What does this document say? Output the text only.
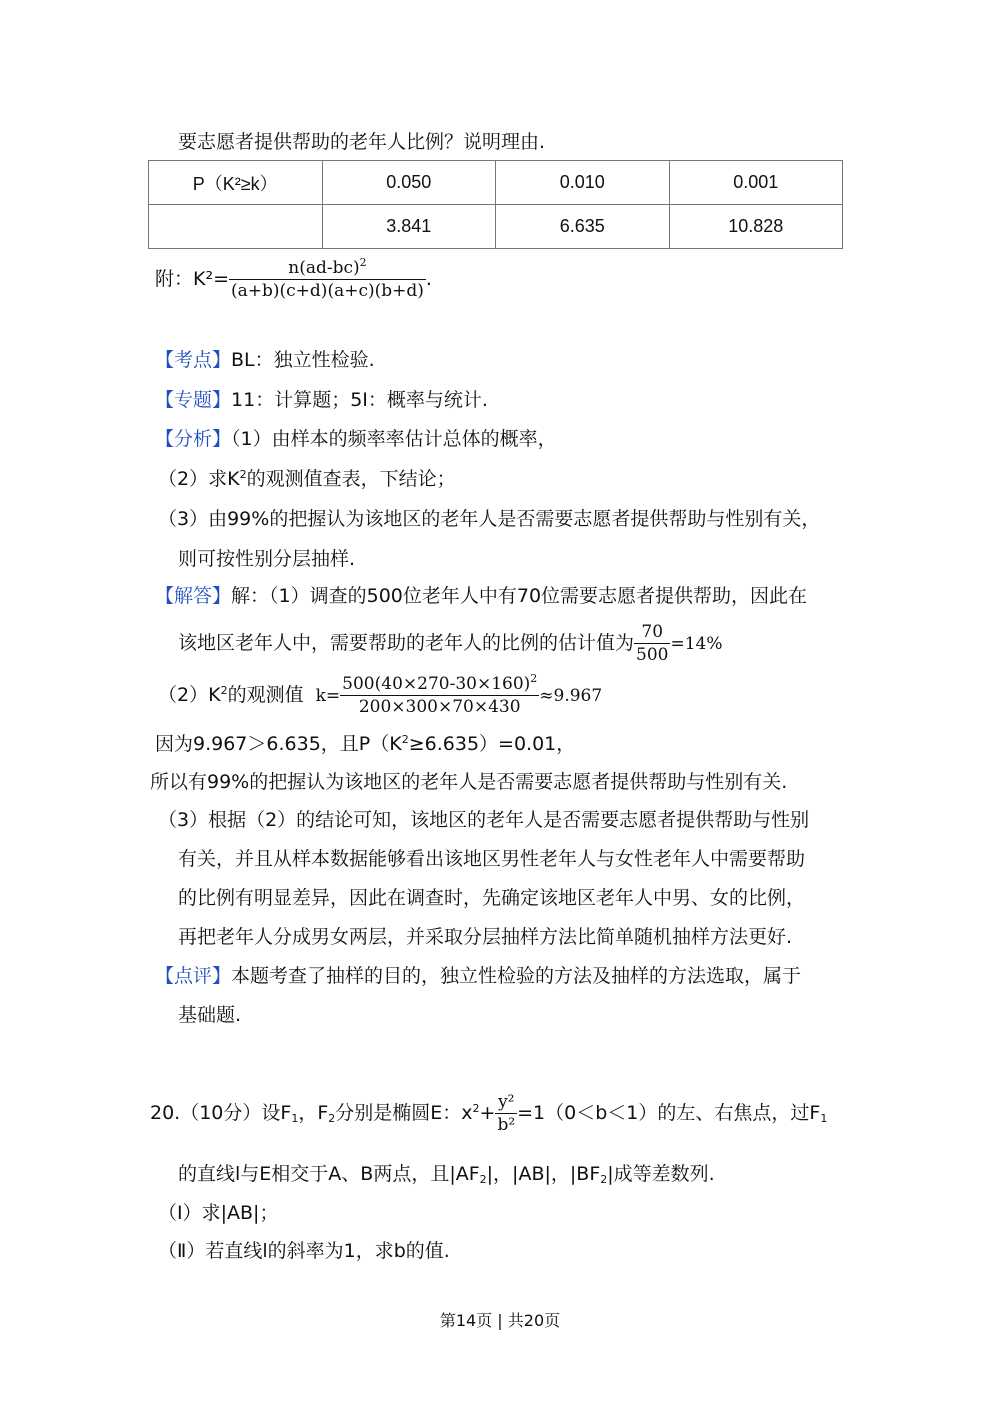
要志愿者提供帮助的老年人比例？说明理由.
P（K²≥k）	0.050	0.010	0.001
	3.841	6.635	10.828
附：$K^2= \frac{n(ad-bc)^2}{(a+b)(c+d)(a+c)(b+d)}$ .
【考点】BL：独立性检验.
【专题】11：计算题；5I：概率与统计.
【分析】（1）由样本的频率率估计总体的概率，
（2）求$K^2$的观测值查表，下结论；
（3）由99%的把握认为该地区的老年人是否需要志愿者提供帮助与性别有关，
则可按性别分层抽样.
【解答】解：（1）调查的500位老年人中有70位需要志愿者提供帮助，因此在
该地区老年人中，需要帮助的老年人的比例的估计值为 $\frac{70}{500} =14\%$
$(2)K^2$的观测值 $k= \frac{500(40\times 270-30\times 160)^2}{200\times 300\times 70\times 430} \approx 9.967$
因为9.967＞6.635，且$P(K^2\ge 6.635)=0.01$，
所以有99%的把握认为该地区的老年人是否需要志愿者提供帮助与性别有关.
（3）根据（2）的结论可知，该地区的老年人是否需要志愿者提供帮助与性别
有关，并且从样本数据能够看出该地区男性老年人与女性老年人中需要帮助
的比例有明显差异，因此在调查时，先确定该地区老年人中男、女的比例，
再把老年人分成男女两层，并采取分层抽样方法比简单随机抽样方法更好.
【点评】本题考查了抽样的目的，独立性检验的方法及抽样的方法选取，属于
基础题.
20.（10分）设$F_1$，$F_2$分别是椭圆E：$x^2+ \frac{\text{y²}}{\text{b²}} =1(0<b<1)$的左、右焦点，过$F_1$
的直线l与E相交于A、B两点，且$|AF_2|$，|AB|，$|BF_2|$成等差数列.
（Ⅰ）求|AB|；
（Ⅱ）若直线l的斜率为1，求b的值.
第14页 | 共20页
